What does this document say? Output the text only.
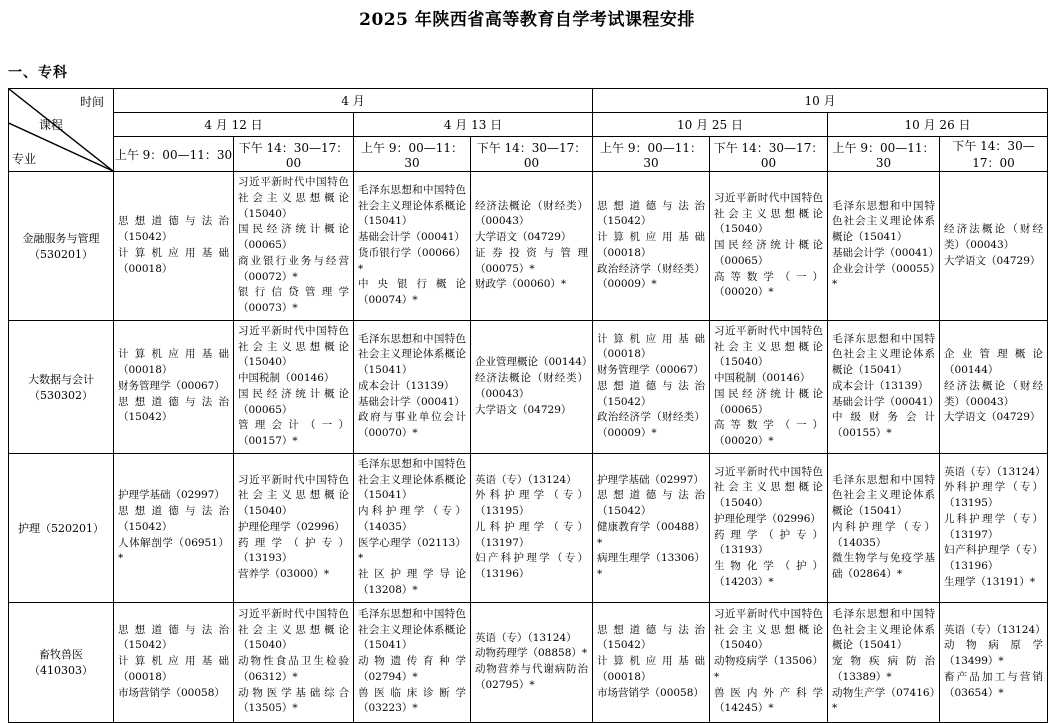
2025 年陕西省高等教育自学考试课程安排
一、专科
时间
课程
专业	4 月				10 月			
	4 月 12 日		4 月 13 日		10 月 25 日		10 月 26 日	
	上午 9：00—11：30	下午 14：30—17：00	上午 9：00—11：30	下午 14：30—17：00	上午 9：00—11：30	下午 14：30—17：00	上午 9：00—11：30	下午 14：30—17：00
金融服务与管理（530201）	
思想道德与法治（15042）
计算机应用基础（00018）

习近平新时代中国特色社会主义思想概论（15040）
国民经济统计概论（00065）
商业银行业务与经营（00072）*
银行信贷管理学（00073）*

毛泽东思想和中国特色社会主义理论体系概论（15041）
基础会计学（00041）
货币银行学（00066）*
中央银行概论（00074）*

经济法概论（财经类）（00043）
大学语文（04729）
证券投资与管理（00075）*
财政学（00060）*

思想道德与法治（15042）
计算机应用基础（00018）
政治经济学（财经类）（00009）*

习近平新时代中国特色社会主义思想概论（15040）
国民经济统计概论（00065）
高等数学（一）（00020）*

毛泽东思想和中国特色社会主义理论体系概论（15041）
基础会计学（00041）
企业会计学（00055）*

经济法概论（财经类）（00043）
大学语文（04729）

大数据与会计（530302）	
计算机应用基础（00018）
财务管理学（00067）
思想道德与法治（15042）

习近平新时代中国特色社会主义思想概论（15040）
中国税制（00146）
国民经济统计概论（00065）
管理会计（一）（00157）*

毛泽东思想和中国特色社会主义理论体系概论（15041）
成本会计（13139）
基础会计学（00041）
政府与事业单位会计（00070）*

企业管理概论（00144）
经济法概论（财经类）（00043）
大学语文（04729）

计算机应用基础（00018）
财务管理学（00067）
思想道德与法治（15042）
政治经济学（财经类）（00009）*

习近平新时代中国特色社会主义思想概论（15040）
中国税制（00146）
国民经济统计概论（00065）
高等数学（一）（00020）*

毛泽东思想和中国特色社会主义理论体系概论（15041）
成本会计（13139）
基础会计学（00041）
中级财务会计（00155）*

企业管理概论（00144）
经济法概论（财经类）（00043）
大学语文（04729）

护理（520201）	
护理学基础（02997）
思想道德与法治（15042）
人体解剖学（06951）*

习近平新时代中国特色社会主义思想概论（15040）
护理伦理学（02996）
药理学（护专）（13193）
营养学（03000）*

毛泽东思想和中国特色社会主义理论体系概论（15041）
内科护理学（专）（14035）
医学心理学（02113）*
社区护理学导论（13208）*

英语（专）（13124）
外科护理学（专）（13195）
儿科护理学（专）（13197）
妇产科护理学（专）（13196）

护理学基础（02997）
思想道德与法治（15042）
健康教育学（00488）*
病理生理学（13306）*

习近平新时代中国特色社会主义思想概论（15040）
护理伦理学（02996）
药理学（护专）（13193）
生物化学（护）（14203）*

毛泽东思想和中国特色社会主义理论体系概论（15041）
内科护理学（专）（14035）
微生物学与免疫学基础（02864）*

英语（专）（13124）
外科护理学（专）（13195）
儿科护理学（专）（13197）
妇产科护理学（专）（13196）
生理学（13191）*

畜牧兽医（410303）	
思想道德与法治（15042）
计算机应用基础（00018）
市场营销学（00058）

习近平新时代中国特色社会主义思想概论（15040）
动物性食品卫生检验（06312）*
动物医学基础综合（13505）*

毛泽东思想和中国特色社会主义理论体系概论（15041）
动物遗传育种学（02794）*
兽医临床诊断学（03223）*

英语（专）（13124）
动物药理学（08858）*
动物营养与代谢病防治（02795）*

思想道德与法治（15042）
计算机应用基础（00018）
市场营销学（00058）

习近平新时代中国特色社会主义思想概论（15040）
动物疫病学（13506）*
兽医内外产科学（14245）*

毛泽东思想和中国特色社会主义理论体系概论（15041）
宠物疾病防治（13389）*
动物生产学（07416）*

英语（专）（13124）
动物病原学（13499）*
畜产品加工与营销（03654）*
